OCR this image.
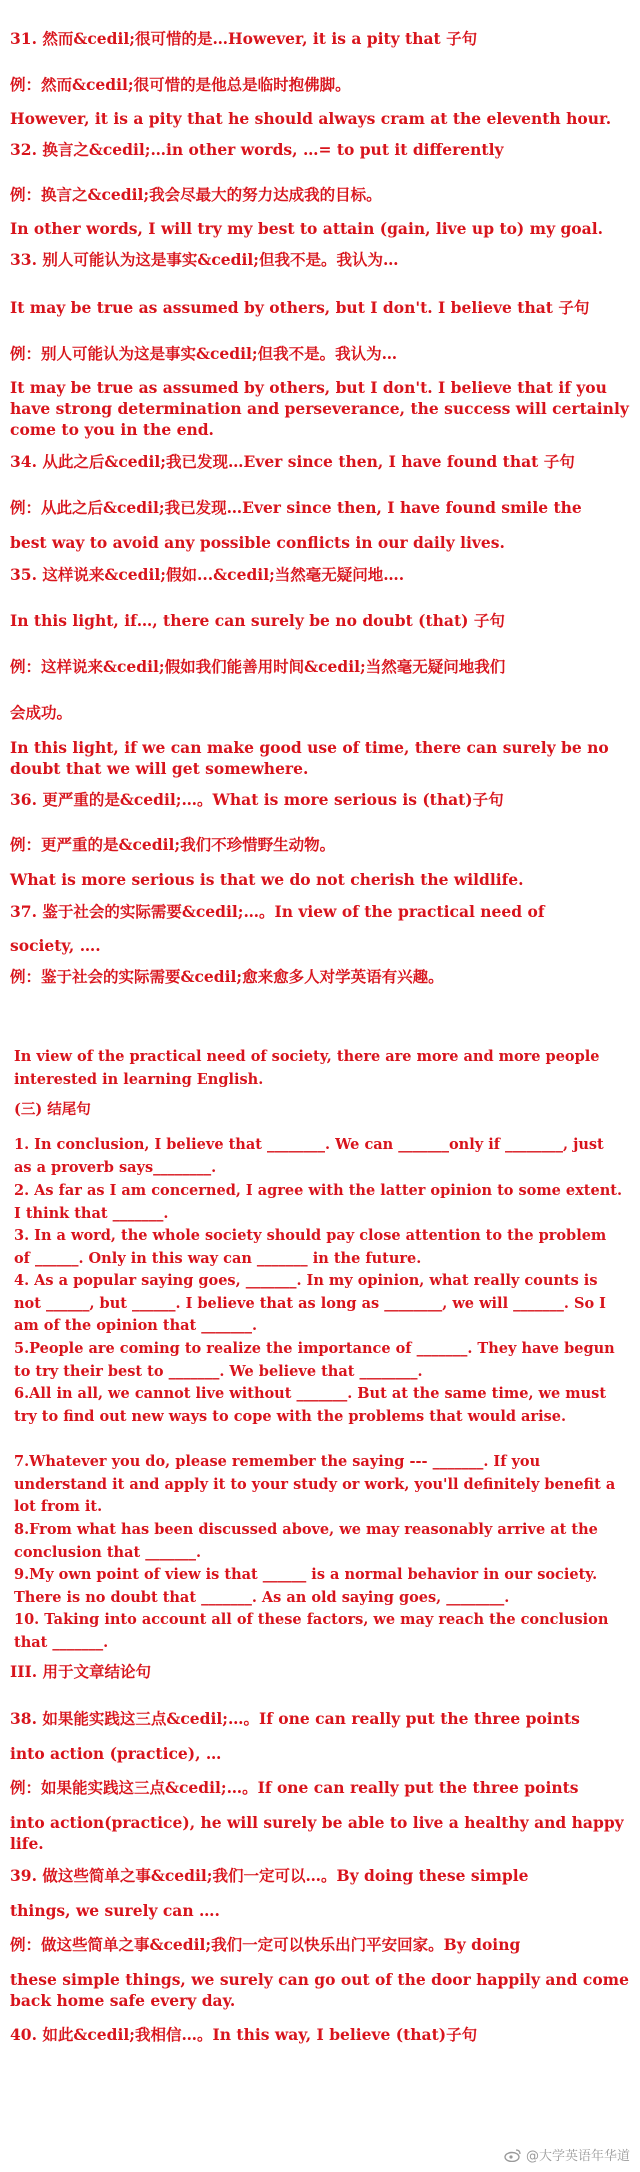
31. 然而&cedil;很可惜的是…However, it is a pity that 子句
例：然而&cedil;很可惜的是他总是临时抱佛脚。
However, it is a pity that he should always cram at the eleventh hour.
32. 换言之&cedil;…in other words, …= to put it differently
例：换言之&cedil;我会尽最大的努力达成我的目标。
In other words, I will try my best to attain (gain, live up to) my goal.
33. 别人可能认为这是事实&cedil;但我不是。我认为…
It may be true as assumed by others, but I don't. I believe that 子句
例：别人可能认为这是事实&cedil;但我不是。我认为…
It may be true as assumed by others, but I don't. I believe that if you have strong determination and perseverance, the success will certainly come to you in the end.
34. 从此之后&cedil;我已发现…Ever since then, I have found that 子句
例：从此之后&cedil;我已发现…Ever since then, I have found smile the
best way to avoid any possible conflicts in our daily lives.
35. 这样说来&cedil;假如...&cedil;当然毫无疑问地….
In this light, if…, there can surely be no doubt (that) 子句
例：这样说来&cedil;假如我们能善用时间&cedil;当然毫无疑问地我们
会成功。
In this light, if we can make good use of time, there can surely be no doubt that we will get somewhere.
36. 更严重的是&cedil;…。What is more serious is (that)子句
例：更严重的是&cedil;我们不珍惜野生动物。
What is more serious is that we do not cherish the wildlife.
37. 鉴于社会的实际需要&cedil;…。In view of the practical need of
society, ….
例：鉴于社会的实际需要&cedil;愈来愈多人对学英语有兴趣。
In view of the practical need of society, there are more and more people interested in learning English.
(三) 结尾句
1. In conclusion, I believe that ________. We can _______only if ________, just as a proverb says________.
2. As far as I am concerned, I agree with the latter opinion to some extent. I think that _______.
3. In a word, the whole society should pay close attention to the problem of ______. Only in this way can _______ in the future.
4. As a popular saying goes, _______. In my opinion, what really counts is not ______, but ______. I believe that as long as ________, we will _______. So I am of the opinion that _______.
5.People are coming to realize the importance of _______. They have begun to try their best to _______. We believe that ________.
6.All in all, we cannot live without _______. But at the same time, we must try to find out new ways to cope with the problems that would arise.
7.Whatever you do, please remember the saying --- _______. If you understand it and apply it to your study or work, you'll definitely benefit a lot from it.
8.From what has been discussed above, we may reasonably arrive at the conclusion that _______.
9.My own point of view is that ______ is a normal behavior in our society. There is no doubt that _______. As an old saying goes, ________.
10. Taking into account all of these factors, we may reach the conclusion that _______.
III. 用于文章结论句
38. 如果能实践这三点&cedil;…。If one can really put the three points
into action (practice), …
例：如果能实践这三点&cedil;…。If one can really put the three points
into action(practice), he will surely be able to live a healthy and happy life.
39. 做这些简单之事&cedil;我们一定可以…。By doing these simple
things, we surely can ….
例：做这些简单之事&cedil;我们一定可以快乐出门平安回家。By doing
these simple things, we surely can go out of the door happily and come back home safe every day.
40. 如此&cedil;我相信…。In this way, I believe (that)子句
@大学英语年华道
